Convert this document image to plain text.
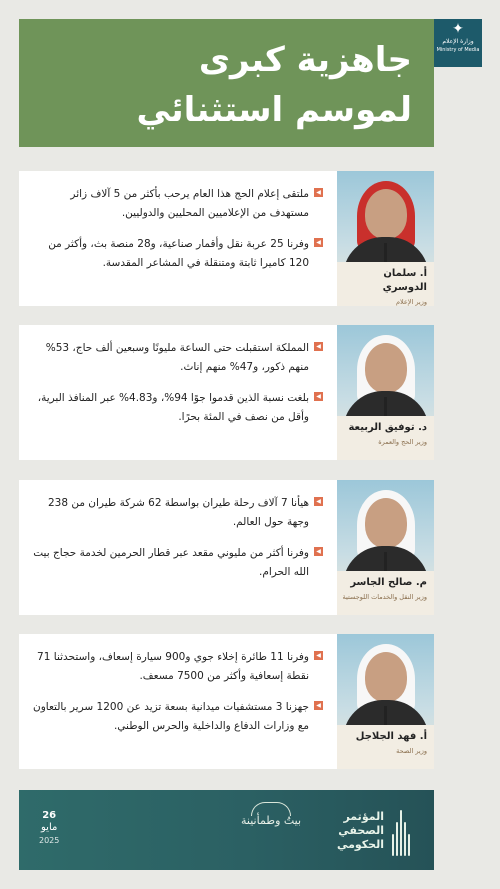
جاهزية كبرى
لموسم استثنائي
✦
وزارة الإعلام
Ministry of Media
أ. سلمان الدوسري
وزير الإعلام
◀
ملتقى إعلام الحج هذا العام يرحب بأكثر من 5 آلاف زائر مستهدف من الإعلاميين المحليين والدوليين.
◀
وفرنا 25 عربة نقل وأقمار صناعية، و28 منصة بث، وأكثر من 120 كاميرا ثابتة ومتنقلة في المشاعر المقدسة.
د. توفيق الربيعة
وزير الحج والعمرة
◀
المملكة استقبلت حتى الساعة مليونًا وسبعين ألف حاج، 53% منهم ذكور، و47% منهم إناث.
◀
بلغت نسبة الذين قدموا جوًا 94%، و4.83% عبر المنافذ البرية، وأقل من نصف في المئة بحرًا.
م. صالح الجاسر
وزير النقل والخدمات اللوجستية
◀
هيأنا 7 آلاف رحلة طيران بواسطة 62 شركة طيران من 238 وجهة حول العالم.
◀
وفرنا أكثر من مليوني مقعد عبر قطار الحرمين لخدمة حجاج بيت الله الحرام.
أ. فهد الجلاجل
وزير الصحة
◀
وفرنا 11 طائرة إخلاء جوي و900 سيارة إسعاف، واستحدثنا 71 نقطة إسعافية وأكثر من 7500 مسعف.
◀
جهزنا 3 مستشفيات ميدانية بسعة تزيد عن 1200 سرير بالتعاون مع وزارات الدفاع والداخلية والحرس الوطني.
26
مايو
2025
بيتُ وطمأنينة	المؤتمر
الصحفي
الحكومي
